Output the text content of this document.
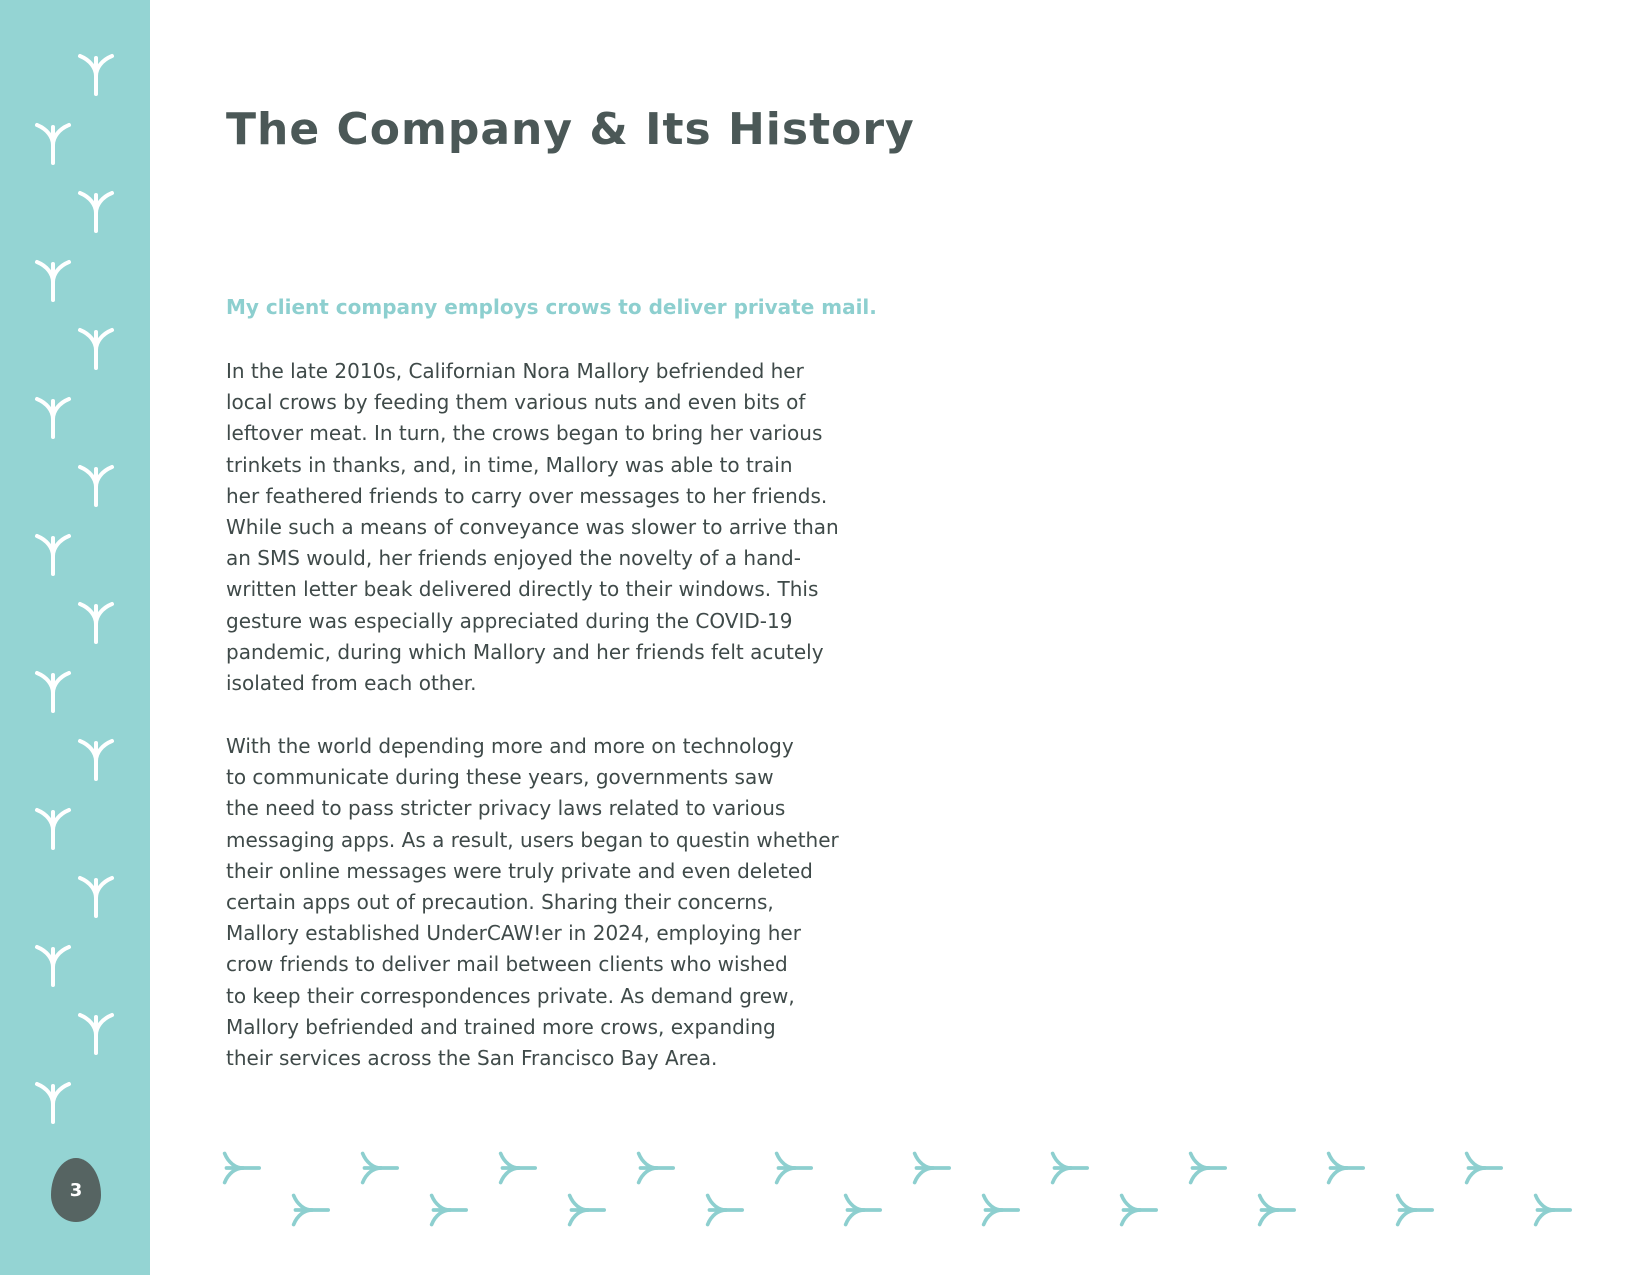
3
The Company & Its History

My client company employs crows to deliver private mail.

In the late 2010s, Californian Nora Mallory befriended her
local crows by feeding them various nuts and even bits of
leftover meat. In turn, the crows began to bring her various
trinkets in thanks, and, in time, Mallory was able to train
her feathered friends to carry over messages to her friends.
While such a means of conveyance was slower to arrive than
an SMS would, her friends enjoyed the novelty of a hand-
written letter beak delivered directly to their windows. This
gesture was especially appreciated during the COVID-19
pandemic, during which Mallory and her friends felt acutely
isolated from each other.

With the world depending more and more on technology
to communicate during these years, governments saw
the need to pass stricter privacy laws related to various
messaging apps. As a result, users began to questin whether
their online messages were truly private and even deleted
certain apps out of precaution. Sharing their concerns,
Mallory established UnderCAW!er in 2024, employing her
crow friends to deliver mail between clients who wished
to keep their correspondences private. As demand grew,
Mallory befriended and trained more crows, expanding
their services across the San Francisco Bay Area.
